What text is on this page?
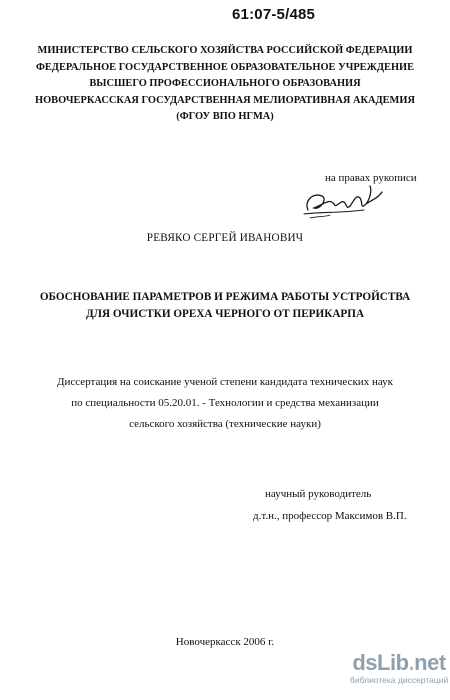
61:07-5/485
МИНИСТЕРСТВО СЕЛЬСКОГО ХОЗЯЙСТВА РОССИЙСКОЙ ФЕДЕРАЦИИ
ФЕДЕРАЛЬНОЕ ГОСУДАРСТВЕННОЕ ОБРАЗОВАТЕЛЬНОЕ УЧРЕЖДЕНИЕ
ВЫСШЕГО ПРОФЕССИОНАЛЬНОГО ОБРАЗОВАНИЯ
НОВОЧЕРКАССКАЯ ГОСУДАРСТВЕННАЯ МЕЛИОРАТИВНАЯ АКАДЕМИЯ
(ФГОУ ВПО НГМА)
на правах рукописи
РЕВЯКО СЕРГЕЙ ИВАНОВИЧ
ОБОСНОВАНИЕ ПАРАМЕТРОВ И РЕЖИМА РАБОТЫ УСТРОЙСТВА
ДЛЯ ОЧИСТКИ ОРЕХА ЧЕРНОГО ОТ ПЕРИКАРПА
Диссертация на соискание ученой степени кандидата технических наук
по специальности 05.20.01. - Технологии и средства механизации
сельского хозяйства (технические науки)
научный руководитель
д.т.н., профессор Максимов В.П.
Новочеркасск 2006 г.
dsLib.net
библиотека диссертаций
